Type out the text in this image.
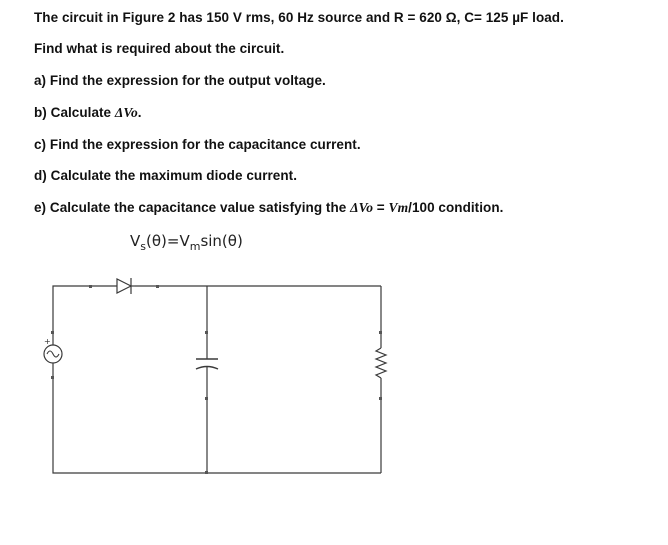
The circuit in Figure 2 has 150 V rms, 60 Hz source and R = 620 Ω, C= 125 µF load.
Find what is required about the circuit.
a) Find the expression for the output voltage.
b) Calculate ΔVo.
c) Find the expression for the capacitance current.
d) Calculate the maximum diode current.
e) Calculate the capacitance value satisfying the ΔVo = Vm/100 condition.
$V_s(\theta)=V_m\sin(\theta)$
+
